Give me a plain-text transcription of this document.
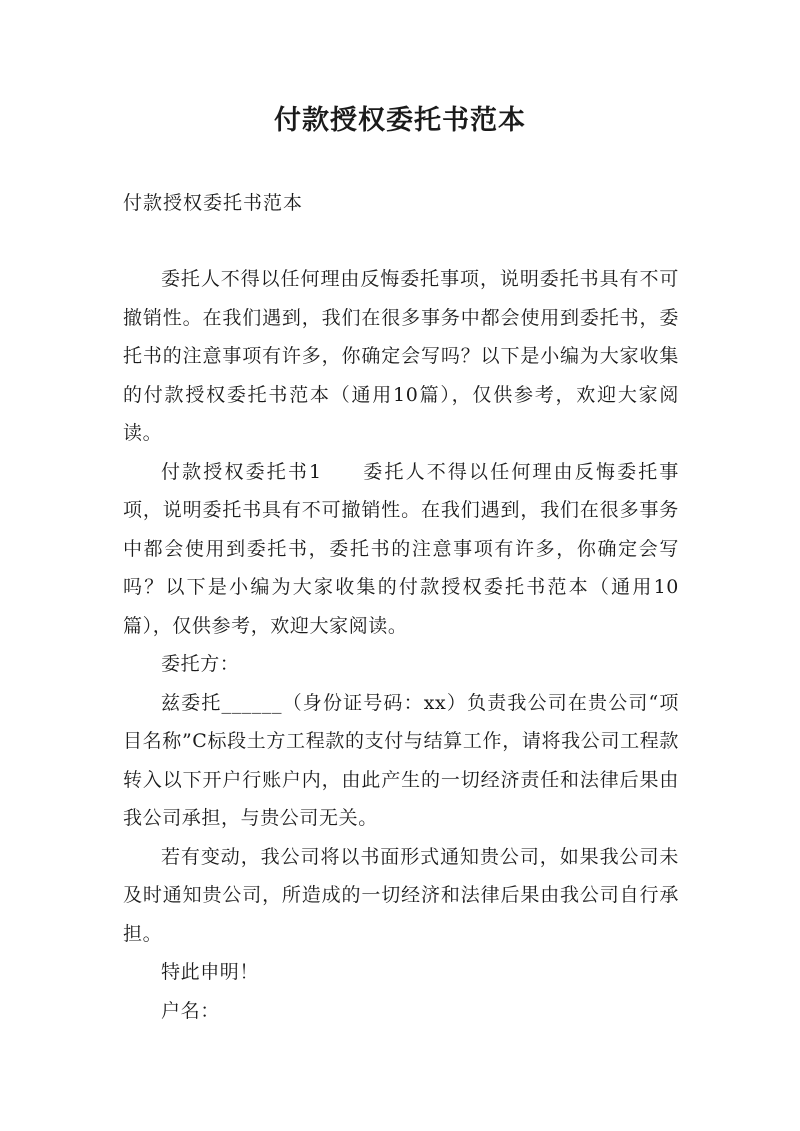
付款授权委托书范本

付款授权委托书范本

委托人不得以任何理由反悔委托事项，说明委托书具有不可撤销性。在我们遇到，我们在很多事务中都会使用到委托书，委托书的注意事项有许多，你确定会写吗？以下是小编为大家收集的付款授权委托书范本（通用10篇），仅供参考，欢迎大家阅读。

付款授权委托书1 委托人不得以任何理由反悔委托事项，说明委托书具有不可撤销性。在我们遇到，我们在很多事务中都会使用到委托书，委托书的注意事项有许多，你确定会写吗？以下是小编为大家收集的付款授权委托书范本（通用10篇），仅供参考，欢迎大家阅读。

委托方：

兹委托______（身份证号码：xx）负责我公司在贵公司“项目名称”C标段土方工程款的支付与结算工作，请将我公司工程款转入以下开户行账户内，由此产生的一切经济责任和法律后果由我公司承担，与贵公司无关。

若有变动，我公司将以书面形式通知贵公司，如果我公司未及时通知贵公司，所造成的一切经济和法律后果由我公司自行承担。

特此申明！

户名：
